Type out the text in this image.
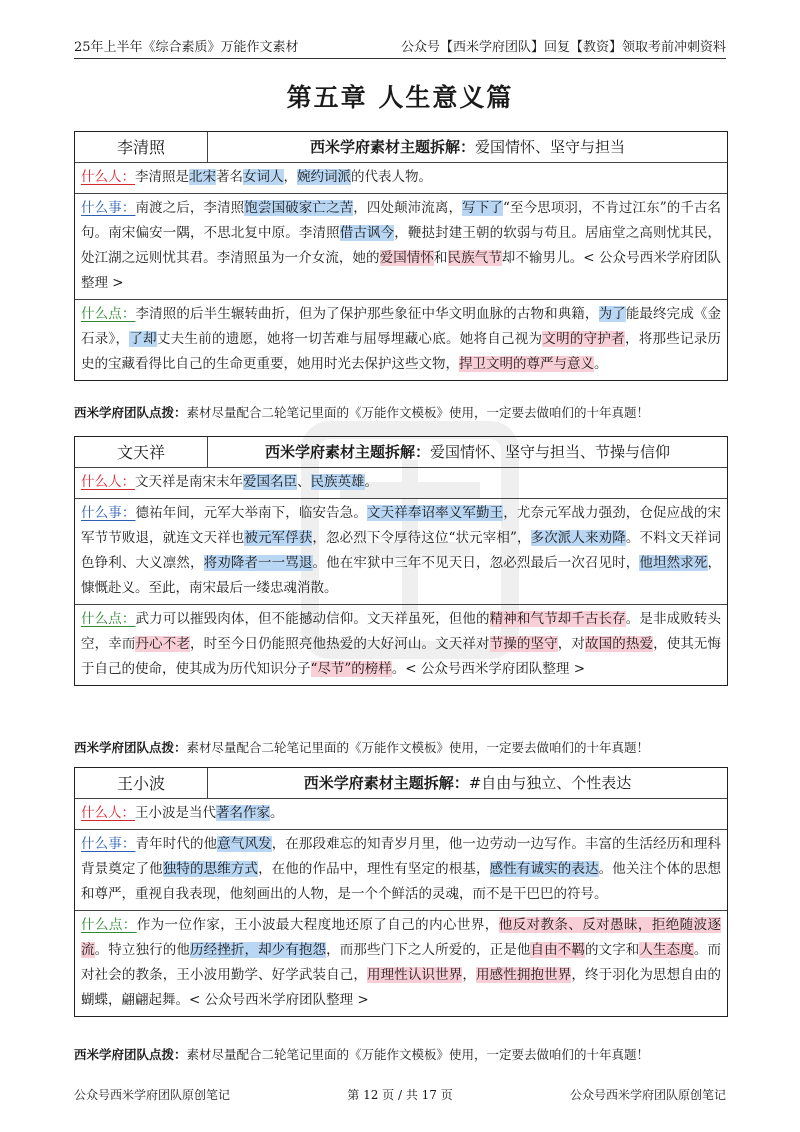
25年上半年《综合素质》万能作文素材	公众号【西米学府团队】回复【教资】领取考前冲刺资料
第五章 人生意义篇
李清照	西米学府素材主题拆解： 爱国情怀、坚守与担当
什么人：李清照是北宋著名女词人，婉约词派的代表人物。
什么事：南渡之后，李清照饱尝国破家亡之苦，四处颠沛流离，写下了“至今思项羽，不肯过江东”的千古名句。南宋偏安一隅，不思北复中原。李清照借古讽今，鞭挞封建王朝的软弱与苟且。居庙堂之高则忧其民，处江湖之远则忧其君。李清照虽为一介女流，她的爱国情怀和民族气节却不输男儿。< 公众号西米学府团队整理 >
什么点：李清照的后半生辗转曲折，但为了保护那些象征中华文明血脉的古物和典籍，为了能最终完成《金石录》，了却丈夫生前的遗愿，她将一切苦难与屈辱埋藏心底。她将自己视为文明的守护者，将那些记录历史的宝藏看得比自己的生命更重要，她用时光去保护这些文物，捍卫文明的尊严与意义。
西米学府团队点拨：素材尽量配合二轮笔记里面的《万能作文模板》使用，一定要去做咱们的十年真题！
文天祥	西米学府素材主题拆解： 爱国情怀、坚守与担当、节操与信仰
什么人：文天祥是南宋末年爱国名臣、民族英雄。
什么事：德祐年间，元军大举南下，临安告急。文天祥奉诏率义军勤王，尤奈元军战力强劲，仓促应战的宋军节节败退，就连文天祥也被元军俘获，忽必烈下令厚待这位“状元宰相”，多次派人来劝降。不料文天祥词色铮利、大义凛然，将劝降者一一骂退。他在牢狱中三年不见天日，忽必烈最后一次召见时，他坦然求死，慷慨赴义。至此，南宋最后一缕忠魂消散。
什么点：武力可以摧毁肉体，但不能撼动信仰。文天祥虽死，但他的精神和气节却千古长存。是非成败转头空，幸而丹心不老，时至今日仍能照亮他热爱的大好河山。文天祥对节操的坚守，对故国的热爱，使其无悔于自己的使命，使其成为历代知识分子“尽节”的榜样。< 公众号西米学府团队整理 >
西米学府团队点拨：素材尽量配合二轮笔记里面的《万能作文模板》使用，一定要去做咱们的十年真题！
王小波	西米学府素材主题拆解： #自由与独立、个性表达
什么人：王小波是当代著名作家。
什么事：青年时代的他意气风发，在那段难忘的知青岁月里，他一边劳动一边写作。丰富的生活经历和理科背景奠定了他独特的思维方式，在他的作品中，理性有坚定的根基，感性有诚实的表达。他关注个体的思想和尊严，重视自我表现，他刻画出的人物，是一个个鲜活的灵魂，而不是干巴巴的符号。
什么点：作为一位作家，王小波最大程度地还原了自己的内心世界，他反对教条、反对愚昧，拒绝随波逐流。特立独行的他历经挫折，却少有抱怨，而那些门下之人所爱的，正是他自由不羁的文字和人生态度。而对社会的教条，王小波用勤学、好学武装自己，用理性认识世界，用感性拥抱世界，终于羽化为思想自由的蝴蝶，翩翩起舞。< 公众号西米学府团队整理 >
西米学府团队点拨：素材尽量配合二轮笔记里面的《万能作文模板》使用，一定要去做咱们的十年真题！
公众号西米学府团队原创笔记	第 12 页 / 共 17 页	公众号西米学府团队原创笔记
